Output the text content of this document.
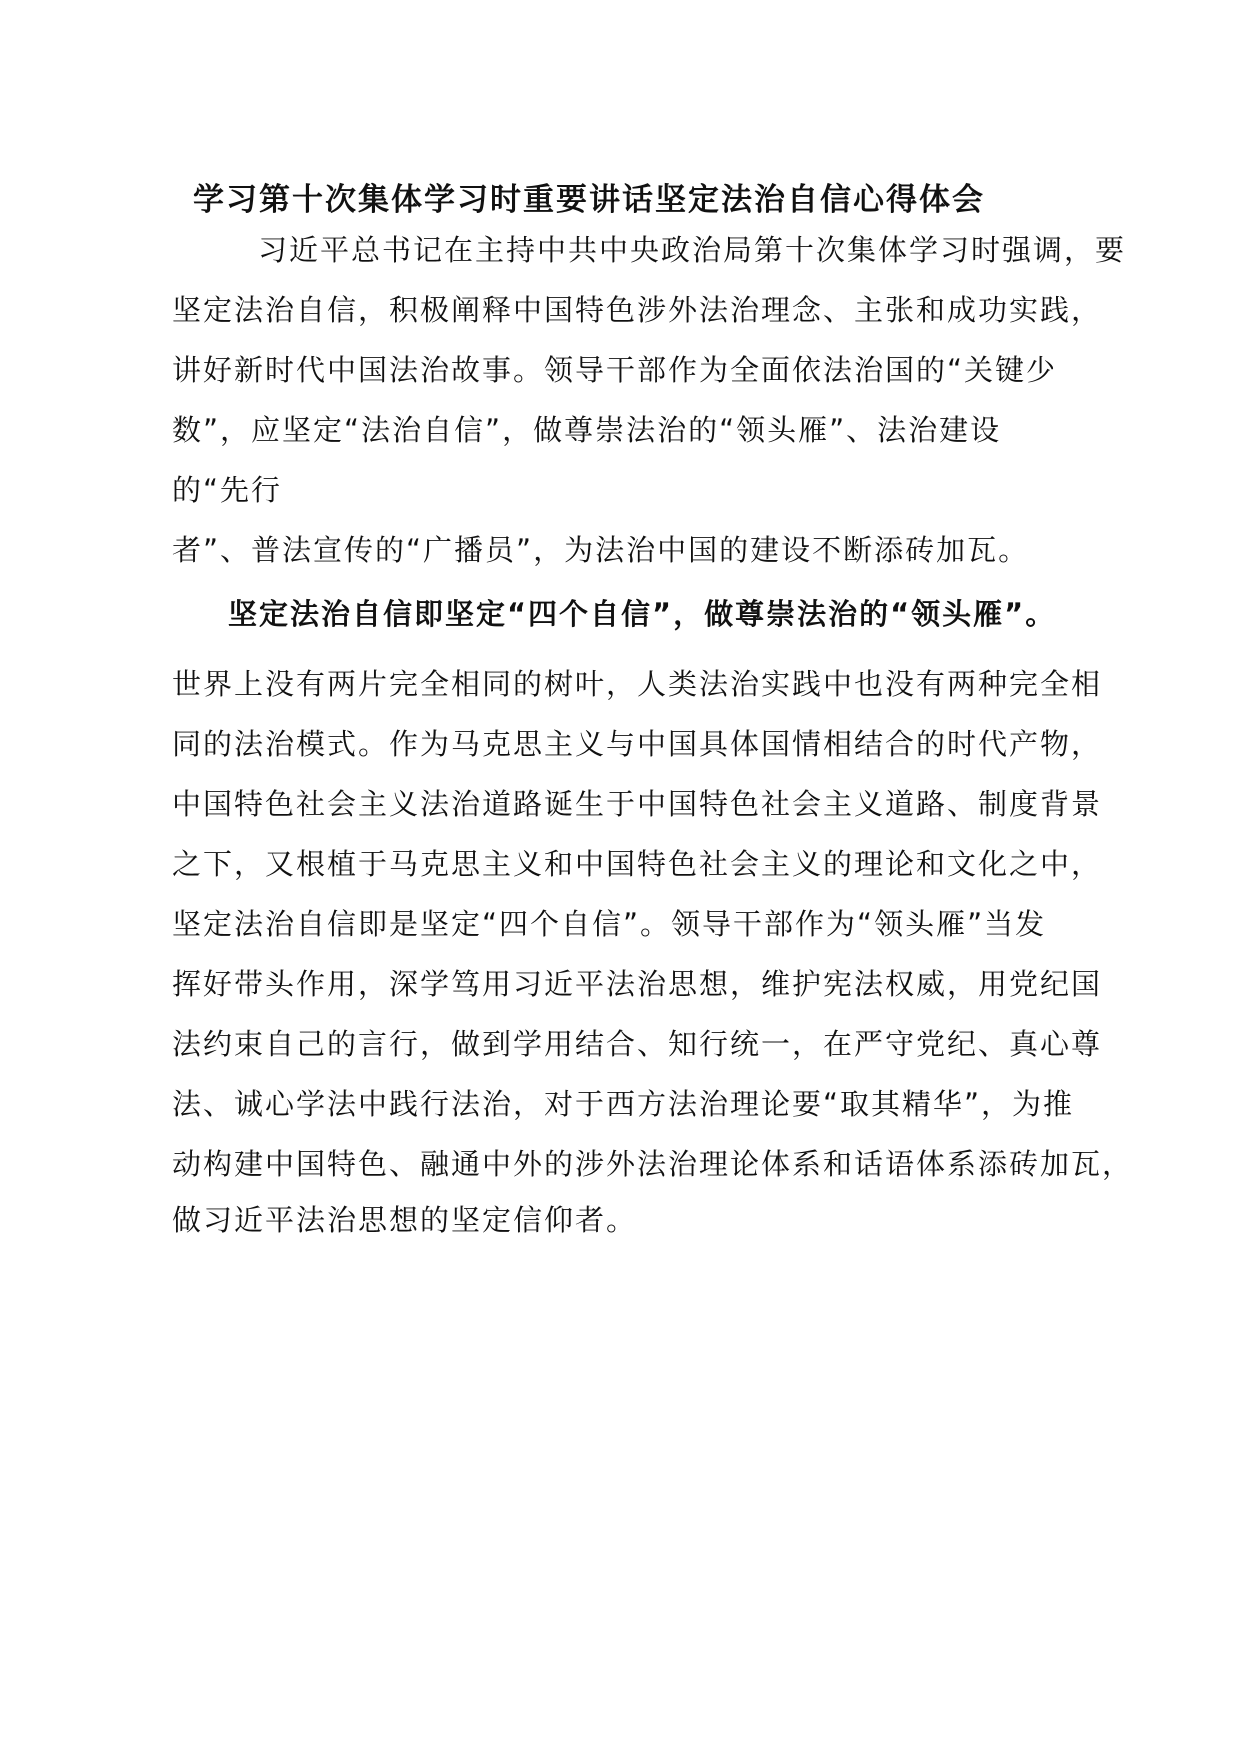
学习第十次集体学习时重要讲话坚定法治自信心得体会
习近平总书记在主持中共中央政治局第十次集体学习时强调，要
坚定法治自信，积极阐释中国特色涉外法治理念、主张和成功实践，
讲好新时代中国法治故事。领导干部作为全面依法治国的“关键少
数”，应坚定“法治自信”，做尊崇法治的“领头雁”、法治建设
的“先行
者”、普法宣传的“广播员”，为法治中国的建设不断添砖加瓦。
坚定法治自信即坚定“四个自信”，做尊崇法治的“领头雁”。
世界上没有两片完全相同的树叶，人类法治实践中也没有两种完全相
同的法治模式。作为马克思主义与中国具体国情相结合的时代产物，
中国特色社会主义法治道路诞生于中国特色社会主义道路、制度背景
之下，又根植于马克思主义和中国特色社会主义的理论和文化之中，
坚定法治自信即是坚定“四个自信”。领导干部作为“领头雁”当发
挥好带头作用，深学笃用习近平法治思想，维护宪法权威，用党纪国
法约束自己的言行，做到学用结合、知行统一，在严守党纪、真心尊
法、诚心学法中践行法治，对于西方法治理论要“取其精华”，为推
动构建中国特色、融通中外的涉外法治理论体系和话语体系添砖加瓦，
做习近平法治思想的坚定信仰者。
